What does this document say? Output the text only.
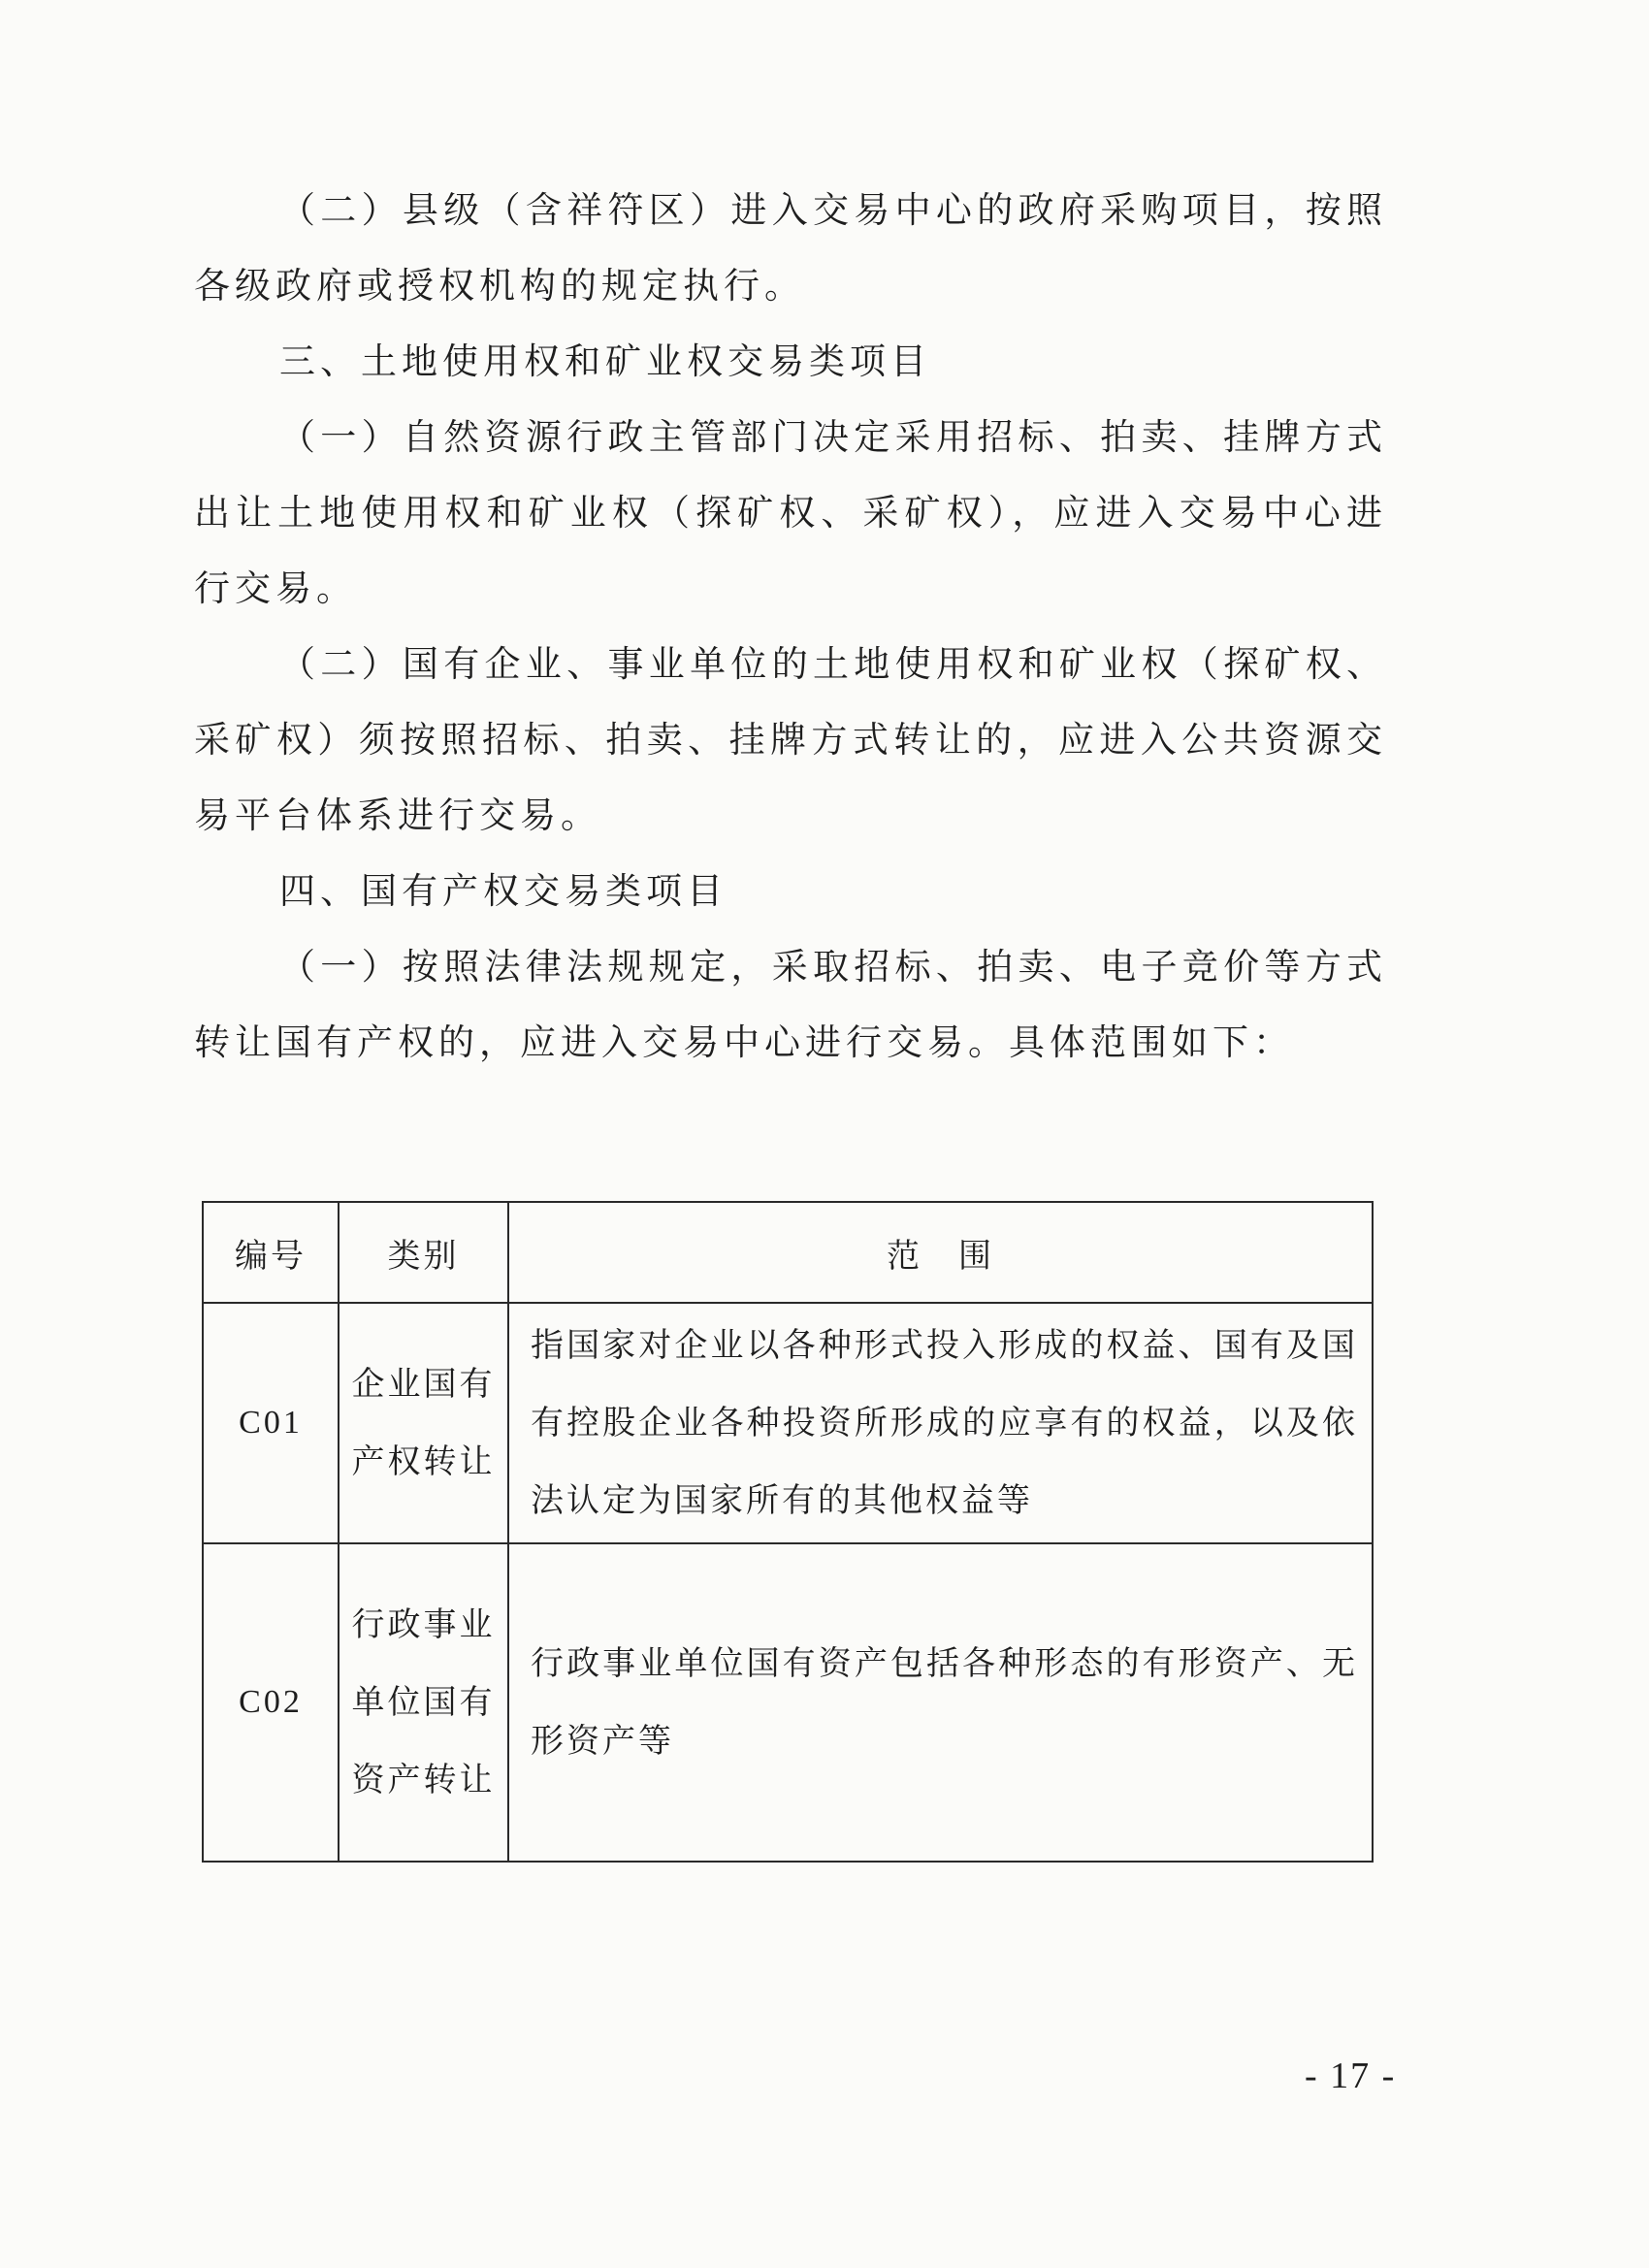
（二）县级（含祥符区）进入交易中心的政府采购项目，按照各级政府或授权机构的规定执行。

三、土地使用权和矿业权交易类项目

（一）自然资源行政主管部门决定采用招标、拍卖、挂牌方式出让土地使用权和矿业权（探矿权、采矿权），应进入交易中心进行交易。

（二）国有企业、事业单位的土地使用权和矿业权（探矿权、采矿权）须按照招标、拍卖、挂牌方式转让的，应进入公共资源交易平台体系进行交易。

四、国有产权交易类项目

（一）按照法律法规规定，采取招标、拍卖、电子竞价等方式转让国有产权的，应进入交易中心进行交易。具体范围如下：

编号	类别	范　围
C01	企业国有产权转让	指国家对企业以各种形式投入形成的权益、国有及国有控股企业各种投资所形成的应享有的权益，以及依法认定为国家所有的其他权益等
C02	行政事业单位国有资产转让	行政事业单位国有资产包括各种形态的有形资产、无形资产等
- 17 -
